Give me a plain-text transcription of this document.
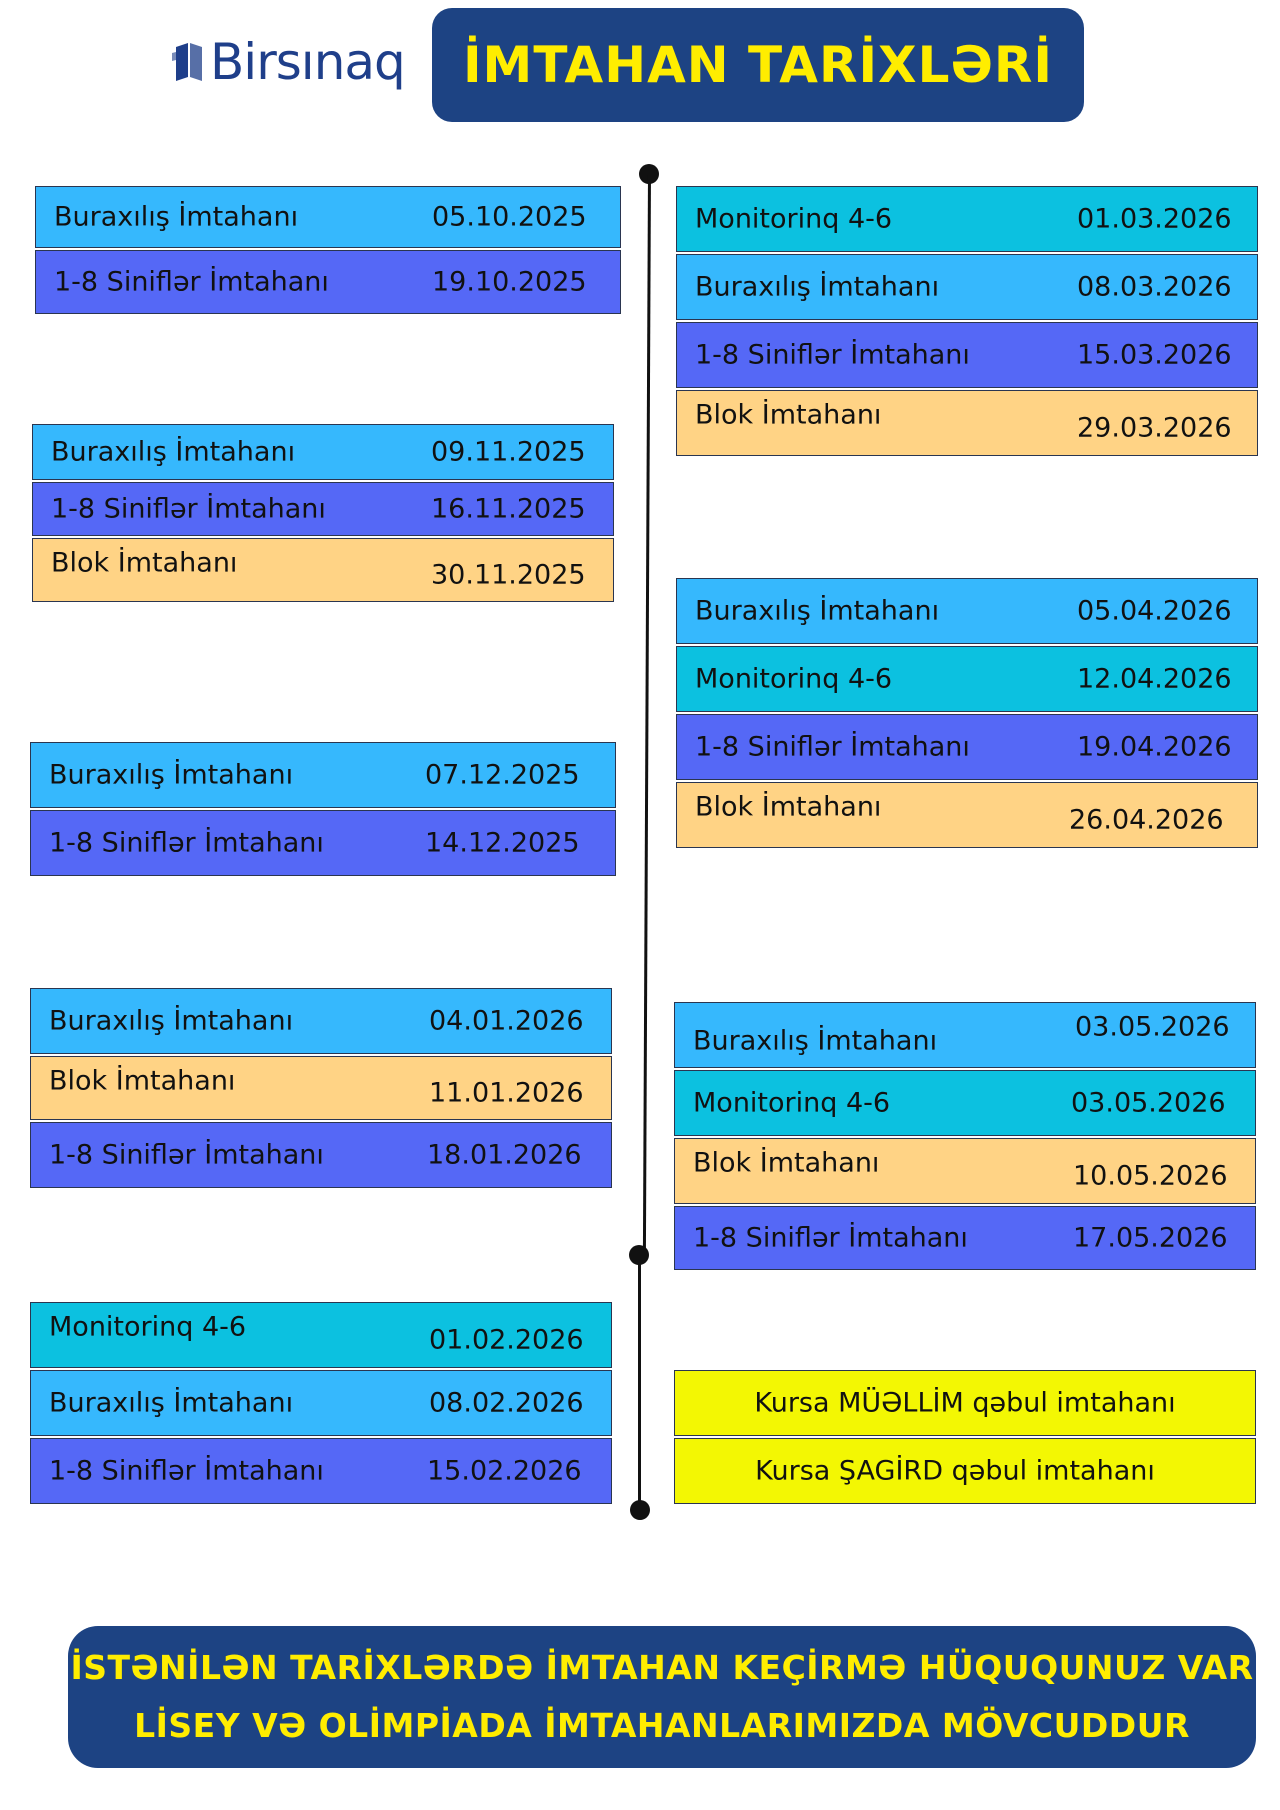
Birsınaq İMTAHAN TARİXLƏRİ
Buraxılış İmtahanı	05.10.2025
1-8 Siniflər İmtahanı	19.10.2025
Buraxılış İmtahanı	09.11.2025
1-8 Siniflər İmtahanı	16.11.2025
Blok İmtahanı	30.11.2025
Buraxılış İmtahanı	07.12.2025
1-8 Siniflər İmtahanı	14.12.2025
Buraxılış İmtahanı	04.01.2026
Blok İmtahanı	11.01.2026
1-8 Siniflər İmtahanı	18.01.2026
Monitorinq 4-6	01.02.2026
Buraxılış İmtahanı	08.02.2026
1-8 Siniflər İmtahanı	15.02.2026
Monitorinq 4-6	01.03.2026
Buraxılış İmtahanı	08.03.2026
1-8 Siniflər İmtahanı	15.03.2026
Blok İmtahanı	29.03.2026
Buraxılış İmtahanı	05.04.2026
Monitorinq 4-6	12.04.2026
1-8 Siniflər İmtahanı	19.04.2026
Blok İmtahanı	26.04.2026
Buraxılış İmtahanı	03.05.2026
Monitorinq 4-6	03.05.2026
Blok İmtahanı	10.05.2026
1-8 Siniflər İmtahanı	17.05.2026
Kursa MÜƏLLİM qəbul imtahanı
Kursa ŞAGİRD qəbul imtahanı
İSTƏNİLƏN TARİXLƏRDƏ İMTAHAN KEÇİRMƏ HÜQUQUNUZ VAR
LİSEY VƏ OLİMPİADA İMTAHANLARIMIZDA MÖVCUDDUR
